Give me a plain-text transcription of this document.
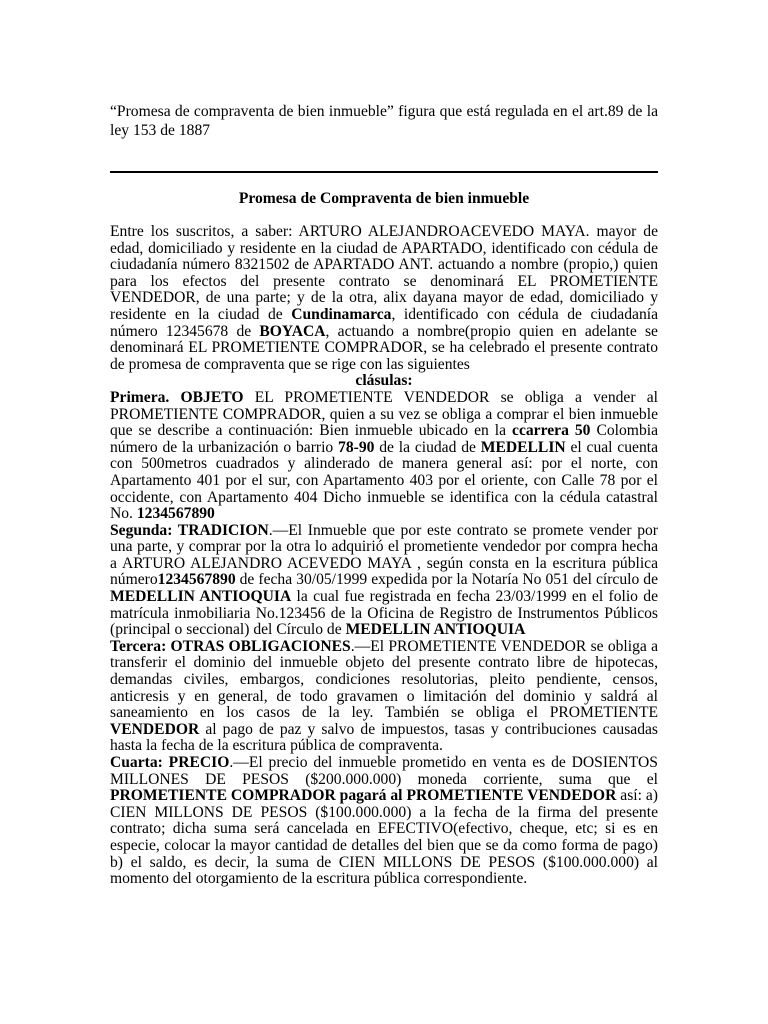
“Promesa de compraventa de bien inmueble” figura que está regulada en el art.89 de la ley 153 de 1887
Promesa de Compraventa de bien inmueble

Entre los suscritos, a saber: ARTURO ALEJANDROACEVEDO MAYA. mayor de edad, domiciliado y residente en la ciudad de APARTADO, identificado con cédula de ciudadanía número 8321502 de APARTADO ANT. actuando a nombre (propio,) quien para los efectos del presente contrato se denominará EL PROMETIENTE VENDEDOR, de una parte; y de la otra, alix dayana mayor de edad, domiciliado y residente en la ciudad de Cundinamarca, identificado con cédula de ciudadanía número 12345678 de BOYACA, actuando a nombre(propio quien en adelante se denominará EL PROMETIENTE COMPRADOR, se ha celebrado el presente contrato de promesa de compraventa que se rige con las siguientes

clásulas:

Primera. OBJETO EL PROMETIENTE VENDEDOR se obliga a vender al PROMETIENTE COMPRADOR, quien a su vez se obliga a comprar el bien inmueble que se describe a continuación: Bien inmueble ubicado en la ccarrera 50 Colombia número de la urbanización o barrio 78-90 de la ciudad de MEDELLIN el cual cuenta con 500metros cuadrados y alinderado de manera general así: por el norte, con Apartamento 401 por el sur, con Apartamento 403 por el oriente, con Calle 78 por el occidente, con Apartamento 404 Dicho inmueble se identifica con la cédula catastral No. 1234567890

Segunda: TRADICION.—El Inmueble que por este contrato se promete vender por una parte, y comprar por la otra lo adquirió el prometiente vendedor por compra hecha a ARTURO ALEJANDRO ACEVEDO MAYA , según consta en la escritura pública número1234567890 de fecha 30/05/1999 expedida por la Notaría No 051 del círculo de MEDELLIN ANTIOQUIA la cual fue registrada en fecha 23/03/1999 en el folio de matrícula inmobiliaria No.123456 de la Oficina de Registro de Instrumentos Públicos (principal o seccional) del Círculo de MEDELLIN ANTIOQUIA

Tercera: OTRAS OBLIGACIONES.—El PROMETIENTE VENDEDOR se obliga a transferir el dominio del inmueble objeto del presente contrato libre de hipotecas, demandas civiles, embargos, condiciones resolutorias, pleito pendiente, censos, anticresis y en general, de todo gravamen o limitación del dominio y saldrá al saneamiento en los casos de la ley. También se obliga el PROMETIENTE VENDEDOR al pago de paz y salvo de impuestos, tasas y contribuciones causadas hasta la fecha de la escritura pública de compraventa.

Cuarta: PRECIO.—El precio del inmueble prometido en venta es de DOSIENTOS MILLONES DE PESOS ($200.000.000) moneda corriente, suma que el PROMETIENTE COMPRADOR pagará al PROMETIENTE VENDEDOR así: a) CIEN MILLONS DE PESOS ($100.000.000) a la fecha de la firma del presente contrato; dicha suma será cancelada en EFECTIVO(efectivo, cheque, etc; si es en especie, colocar la mayor cantidad de detalles del bien que se da como forma de pago) b) el saldo, es decir, la suma de CIEN MILLONS DE PESOS ($100.000.000) al momento del otorgamiento de la escritura pública correspondiente.
